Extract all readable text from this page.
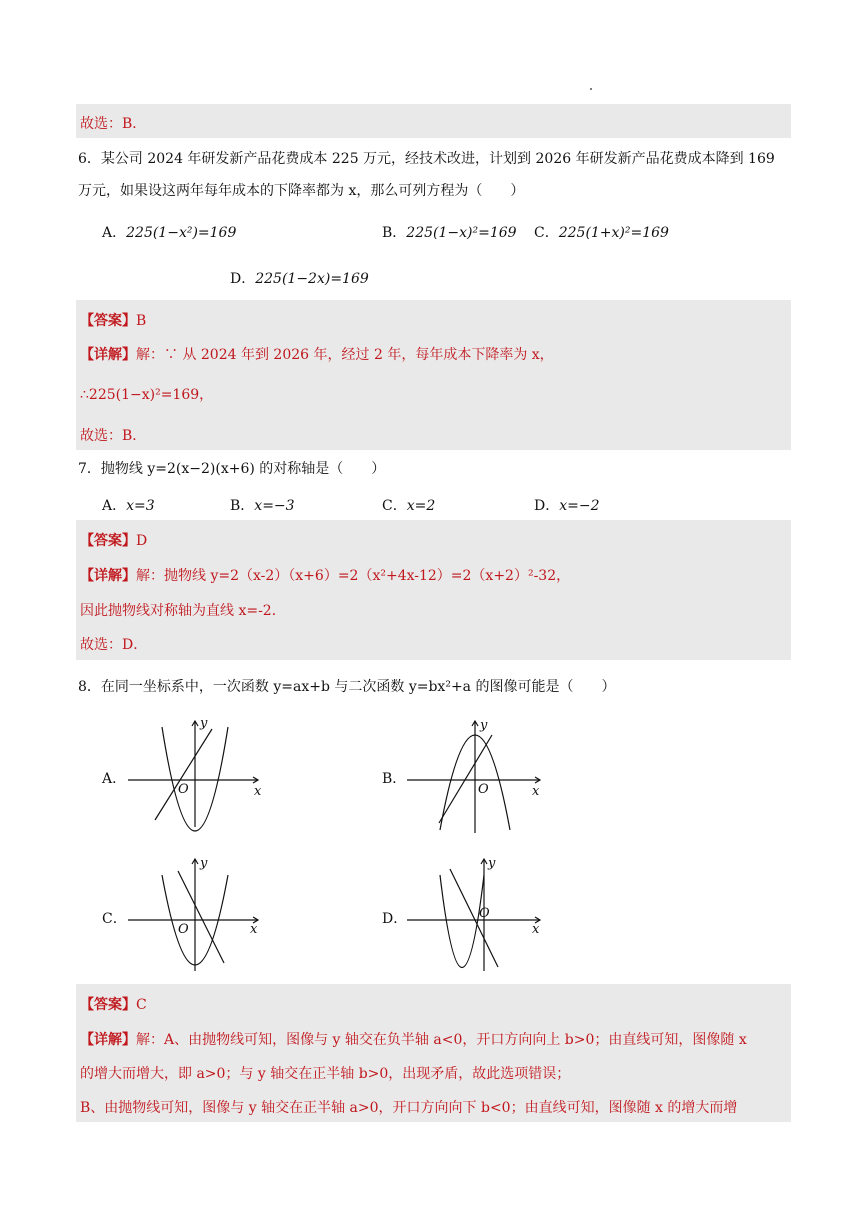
故选：B．
6．某公司 2024 年研发新产品花费成本 225 万元，经技术改进，计划到 2026 年研发新产品花费成本降到 169
万元，如果设这两年每年成本的下降率都为 x，那么可列方程为（　　）
A．225(1−x²)=169	B．225(1−x)²=169 C．225(1+x)²=169
D．225(1−2x)=169
【答案】B
【详解】解：∵ 从 2024 年到 2026 年，经过 2 年，每年成本下降率为 x，
∴225(1−x)²=169，
故选：B．
7．抛物线 y=2(x−2)(x+6) 的对称轴是（　　）
A．x=3	B．x=−3	C．x=2	D．x=−2
【答案】D
【详解】解：抛物线 y=2（x-2）（x+6）=2（x²+4x-12）=2（x+2）²-32，
因此抛物线对称轴为直线 x=-2．
故选：D．
8．在同一坐标系中，一次函数 y=ax+b 与二次函数 y=bx²+a 的图像可能是（　　）
A．
O	x
y
B．
O	x
y
C．
O	x
y
D．	O
x
y
【答案】C
【详解】解：A、由抛物线可知，图像与 y 轴交在负半轴 a<0，开口方向向上 b>0；由直线可知，图像随 x
的增大而增大，即 a>0；与 y 轴交在正半轴 b>0，出现矛盾，故此选项错误；
B、由抛物线可知，图像与 y 轴交在正半轴 a>0，开口方向向下 b<0；由直线可知，图像随 x 的增大而增
